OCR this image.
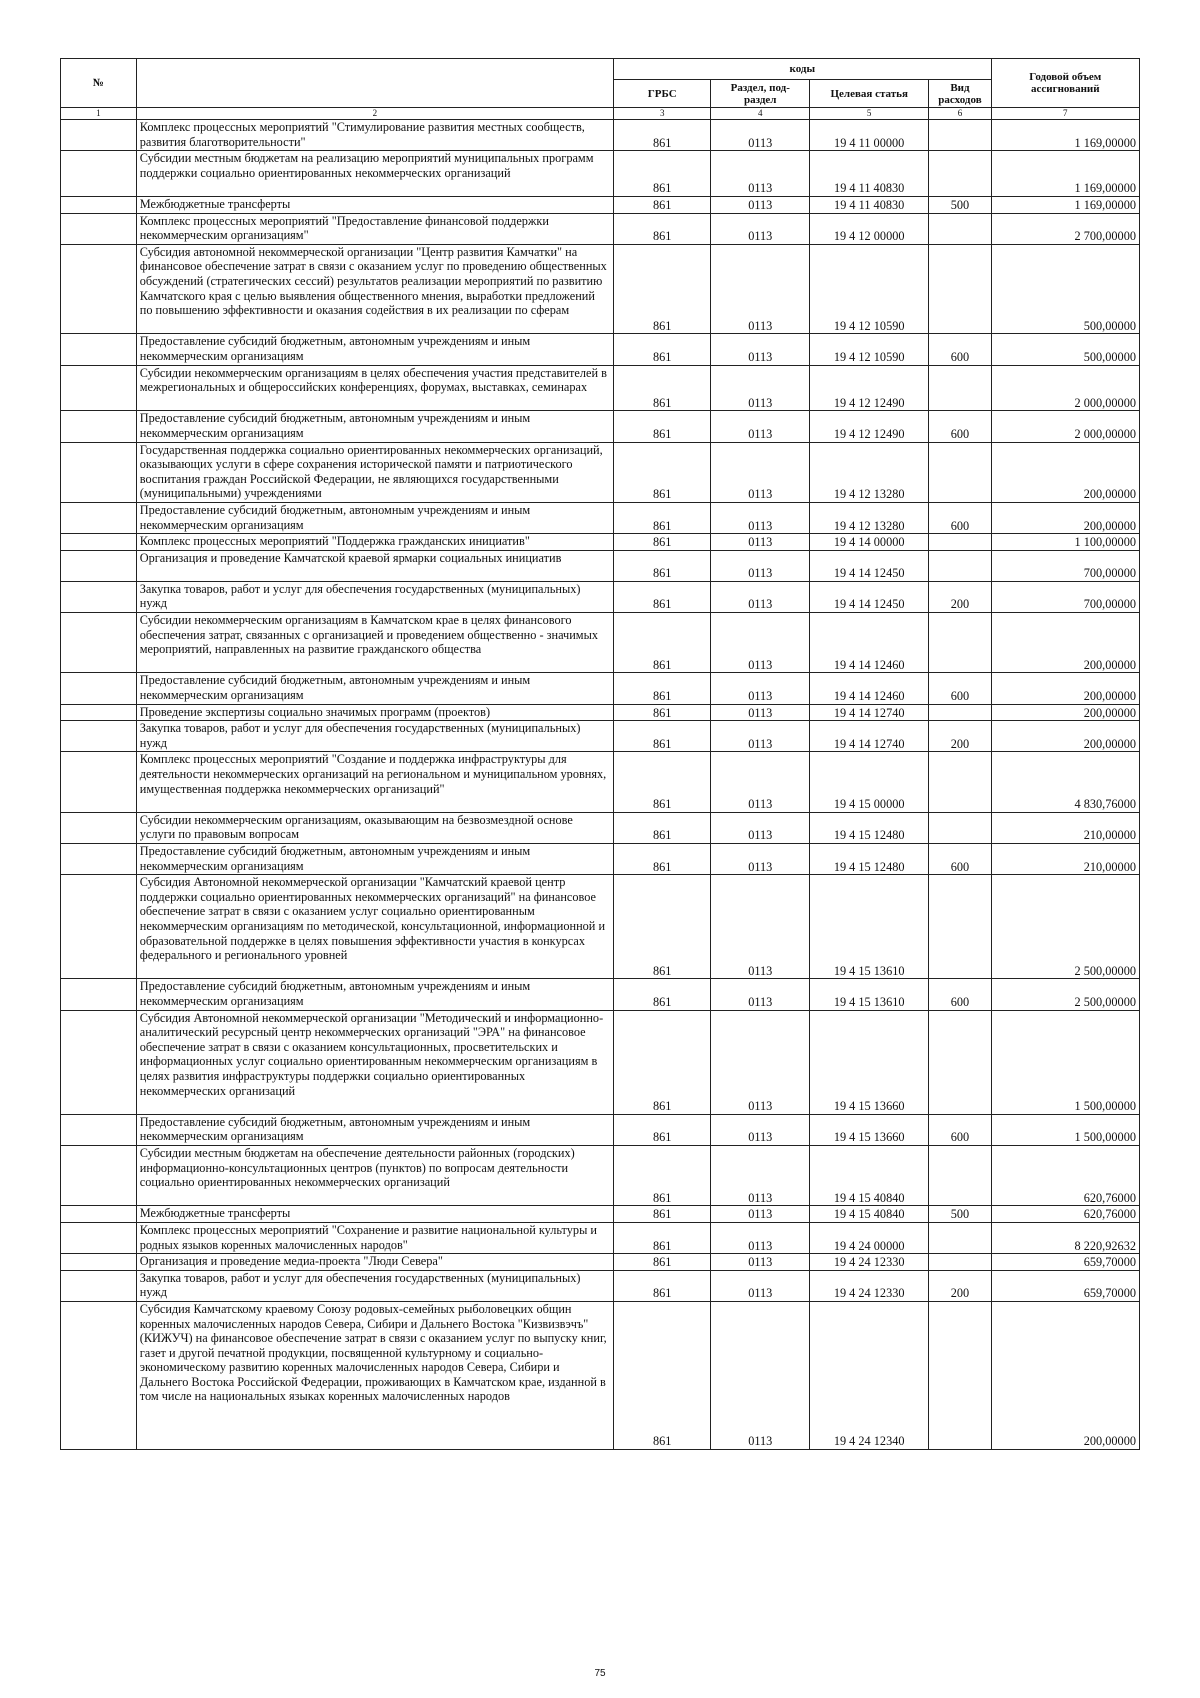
№		коды				Годовой объем ассигнований
		ГРБС	Раздел, под-раздел	Целевая статья	Вид расходов	
1	2	3	4	5	6	7
	Комплекс процессных мероприятий "Стимулирование развития местных сообществ, развития благотворительности"	861	0113	19 4 11 00000		1 169,00000
	Субсидии местным бюджетам на реализацию мероприятий муниципальных программ поддержки социально ориентированных некоммерческих организаций	861	0113	19 4 11 40830		1 169,00000
	Межбюджетные трансферты	861	0113	19 4 11 40830	500	1 169,00000
	Комплекс процессных мероприятий "Предоставление финансовой поддержки некоммерческим организациям"	861	0113	19 4 12 00000		2 700,00000
	Субсидия автономной некоммерческой организации "Центр развития Камчатки" на финансовое обеспечение затрат в связи с оказанием услуг по проведению общественных обсуждений (стратегических сессий) результатов реализации мероприятий по развитию Камчатского края с целью выявления общественного мнения, выработки предложений по повышению эффективности и оказания содействия в их реализации по сферам	861	0113	19 4 12 10590		500,00000
	Предоставление субсидий бюджетным, автономным учреждениям и иным некоммерческим организациям	861	0113	19 4 12 10590	600	500,00000
	Субсидии некоммерческим организациям в целях обеспечения участия представителей в межрегиональных и общероссийских конференциях, форумах, выставках, семинарах	861	0113	19 4 12 12490		2 000,00000
	Предоставление субсидий бюджетным, автономным учреждениям и иным некоммерческим организациям	861	0113	19 4 12 12490	600	2 000,00000
	Государственная поддержка социально ориентированных некоммерческих организаций, оказывающих услуги в сфере сохранения исторической памяти и патриотического воспитания граждан Российской Федерации, не являющихся государственными (муниципальными) учреждениями	861	0113	19 4 12 13280		200,00000
	Предоставление субсидий бюджетным, автономным учреждениям и иным некоммерческим организациям	861	0113	19 4 12 13280	600	200,00000
	Комплекс процессных мероприятий "Поддержка гражданских инициатив"	861	0113	19 4 14 00000		1 100,00000
	Организация и проведение Камчатской краевой ярмарки социальных инициатив	861	0113	19 4 14 12450		700,00000
	Закупка товаров, работ и услуг для обеспечения государственных (муниципальных) нужд	861	0113	19 4 14 12450	200	700,00000
	Субсидии некоммерческим организациям в Камчатском крае в целях финансового обеспечения затрат, связанных с организацией и проведением общественно - значимых мероприятий, направленных на развитие гражданского общества	861	0113	19 4 14 12460		200,00000
	Предоставление субсидий бюджетным, автономным учреждениям и иным некоммерческим организациям	861	0113	19 4 14 12460	600	200,00000
	Проведение экспертизы социально значимых программ (проектов)	861	0113	19 4 14 12740		200,00000
	Закупка товаров, работ и услуг для обеспечения государственных (муниципальных) нужд	861	0113	19 4 14 12740	200	200,00000
	Комплекс процессных мероприятий "Создание и поддержка инфраструктуры для деятельности некоммерческих организаций на региональном и муниципальном уровнях, имущественная поддержка некоммерческих организаций"	861	0113	19 4 15 00000		4 830,76000
	Субсидии некоммерческим организациям, оказывающим на безвозмездной основе услуги по правовым вопросам	861	0113	19 4 15 12480		210,00000
	Предоставление субсидий бюджетным, автономным учреждениям и иным некоммерческим организациям	861	0113	19 4 15 12480	600	210,00000
	Субсидия Автономной некоммерческой организации "Камчатский краевой центр поддержки социально ориентированных некоммерческих организаций" на финансовое обеспечение затрат в связи с оказанием услуг социально ориентированным некоммерческим организациям по методической, консультационной, информационной и образовательной поддержке в целях повышения эффективности участия в конкурсах федерального и регионального уровней	861	0113	19 4 15 13610		2 500,00000
	Предоставление субсидий бюджетным, автономным учреждениям и иным некоммерческим организациям	861	0113	19 4 15 13610	600	2 500,00000
	Субсидия Автономной некоммерческой организации "Методический и информационно-аналитический ресурсный центр некоммерческих организаций "ЭРА" на финансовое обеспечение затрат в связи с оказанием консультационных, просветительских и информационных услуг социально ориентированным некоммерческим организациям в целях развития инфраструктуры поддержки социально ориентированных некоммерческих организаций	861	0113	19 4 15 13660		1 500,00000
	Предоставление субсидий бюджетным, автономным учреждениям и иным некоммерческим организациям	861	0113	19 4 15 13660	600	1 500,00000
	Субсидии местным бюджетам на обеспечение деятельности районных (городских) информационно-консультационных центров (пунктов) по вопросам деятельности социально ориентированных некоммерческих организаций	861	0113	19 4 15 40840		620,76000
	Межбюджетные трансферты	861	0113	19 4 15 40840	500	620,76000
	Комплекс процессных мероприятий "Сохранение и развитие национальной культуры и родных языков коренных малочисленных народов"	861	0113	19 4 24 00000		8 220,92632
	Организация и проведение медиа-проекта "Люди Севера"	861	0113	19 4 24 12330		659,70000
	Закупка товаров, работ и услуг для обеспечения государственных (муниципальных) нужд	861	0113	19 4 24 12330	200	659,70000
	Субсидия Камчатскому краевому Союзу родовых-семейных рыболовецких общин коренных малочисленных народов Севера, Сибири и Дальнего Востока "Кизвизвэчъ" (КИЖУЧ) на финансовое обеспечение затрат в связи с оказанием услуг по выпуску книг, газет и другой печатной продукции, посвященной культурному и социально-экономическому развитию коренных малочисленных народов Севера, Сибири и Дальнего Востока Российской Федерации, проживающих в Камчатском крае, изданной в том числе на национальных языках коренных малочисленных народов	861	0113	19 4 24 12340		200,00000
75
